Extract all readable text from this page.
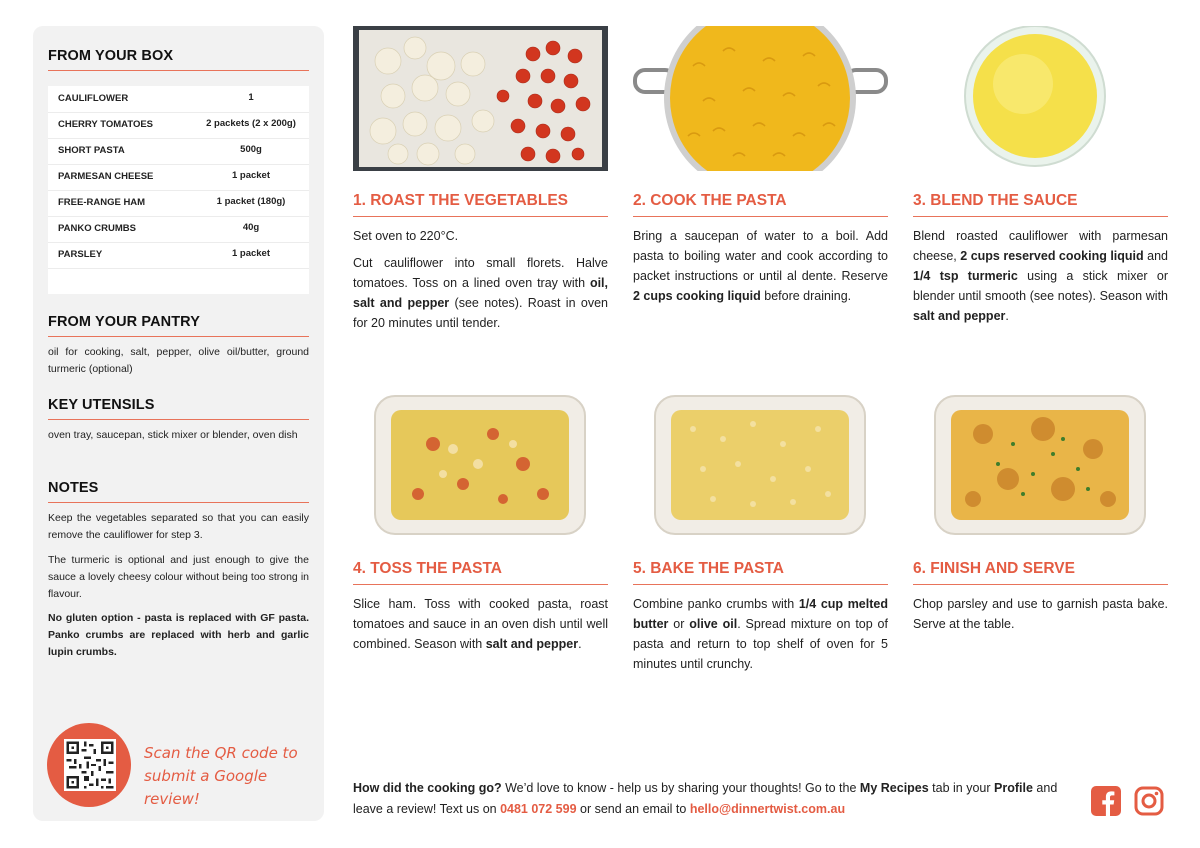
FROM YOUR BOX
CAULIFLOWER	1
CHERRY TOMATOES	2 packets (2 x 200g)
SHORT PASTA	500g
PARMESAN CHEESE	1 packet
FREE-RANGE HAM	1 packet (180g)
PANKO CRUMBS	40g
PARSLEY	1 packet
FROM YOUR PANTRY

oil for cooking, salt, pepper, olive oil/butter, ground turmeric (optional)

KEY UTENSILS

oven tray, saucepan, stick mixer or blender, oven dish

NOTES

Keep the vegetables separated so that you can easily remove the cauliflower for step 3.

The turmeric is optional and just enough to give the sauce a lovely cheesy colour without being too strong in flavour.

No gluten option - pasta is replaced with GF pasta. Panko crumbs are replaced with herb and garlic lupin crumbs.

Scan the QR code to
submit a Google review!
1. ROAST THE VEGETABLES

Set oven to 220°C.

Cut cauliflower into small florets. Halve tomatoes. Toss on a lined oven tray with oil, salt and pepper (see notes). Roast in oven for 20 minutes until tender.

2. COOK THE PASTA

Bring a saucepan of water to a boil. Add pasta to boiling water and cook according to packet instructions or until al dente. Reserve 2 cups cooking liquid before draining.

3. BLEND THE SAUCE

Blend roasted cauliflower with parmesan cheese, 2 cups reserved cooking liquid and 1/4 tsp turmeric using a stick mixer or blender until smooth (see notes). Season with salt and pepper.

4. TOSS THE PASTA

Slice ham. Toss with cooked pasta, roast tomatoes and sauce in an oven dish until well combined. Season with salt and pepper.

5. BAKE THE PASTA

Combine panko crumbs with 1/4 cup melted butter or olive oil. Spread mixture on top of pasta and return to top shelf of oven for 5 minutes until crunchy.

6. FINISH AND SERVE

Chop parsley and use to garnish pasta bake. Serve at the table.

How did the cooking go? We’d love to know - help us by sharing your thoughts! Go to the My Recipes tab in your Profile and leave a review! Text us on 0481 072 599 or send an email to hello@dinnertwist.com.au
